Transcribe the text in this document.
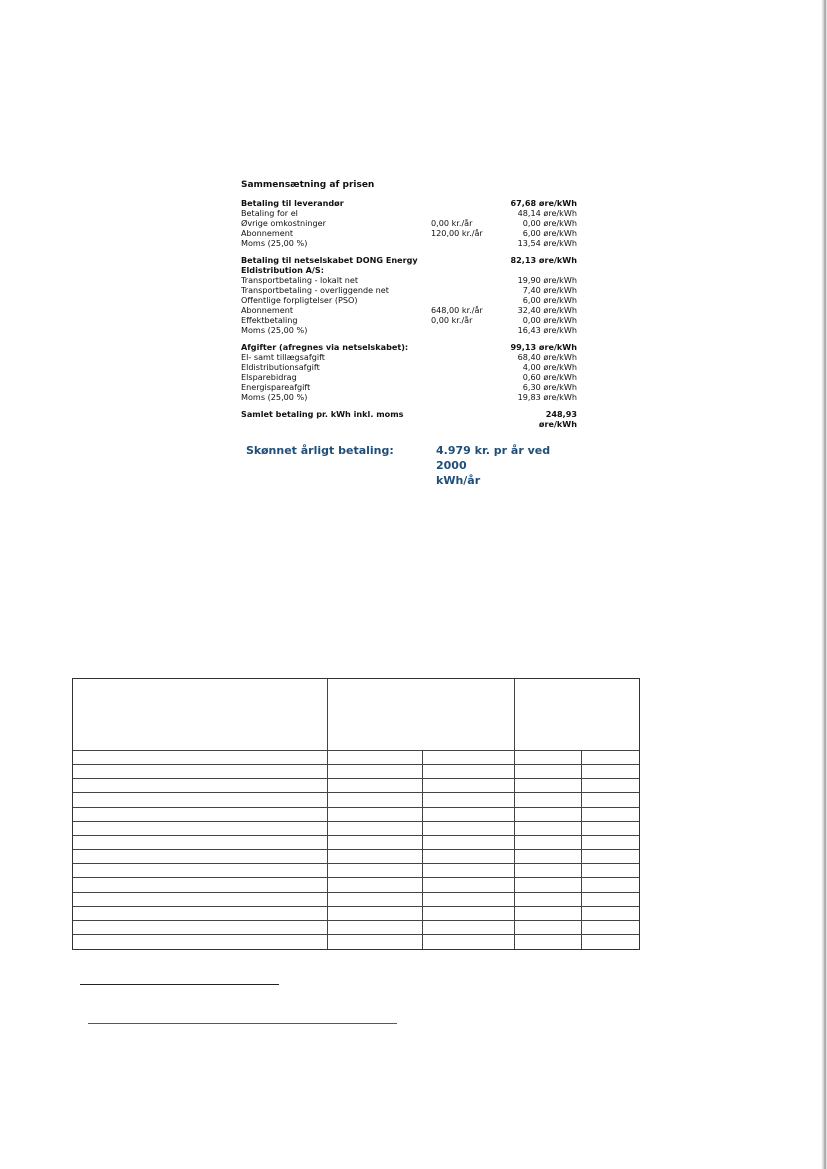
Sammensætning af prisen
Betaling til leverandør	67,68 øre/kWh
Betaling for el	48,14 øre/kWh
Øvrige omkostninger	0,00 kr./år	0,00 øre/kWh
Abonnement	120,00 kr./år	6,00 øre/kWh
Moms (25,00 %)	13,54 øre/kWh
Betaling til netselskabet DONG Energy	82,13 øre/kWh
Eldistribution A/S:
Transportbetaling - lokalt net	19,90 øre/kWh
Transportbetaling - overliggende net	7,40 øre/kWh
Offentlige forpligtelser (PSO)	6,00 øre/kWh
Abonnement	648,00 kr./år	32,40 øre/kWh
Effektbetaling	0,00 kr./år	0,00 øre/kWh
Moms (25,00 %)	16,43 øre/kWh
Afgifter (afregnes via netselskabet):	99,13 øre/kWh
El- samt tillægsafgift	68,40 øre/kWh
Eldistributionsafgift	4,00 øre/kWh
Elsparebidrag	0,60 øre/kWh
Energispareafgift	6,30 øre/kWh
Moms (25,00 %)	19,83 øre/kWh
Samlet betaling pr. kWh inkl. moms	248,93
øre/kWh
Skønnet årligt betaling:	4.979 kr. pr år ved 2000
kWh/år
